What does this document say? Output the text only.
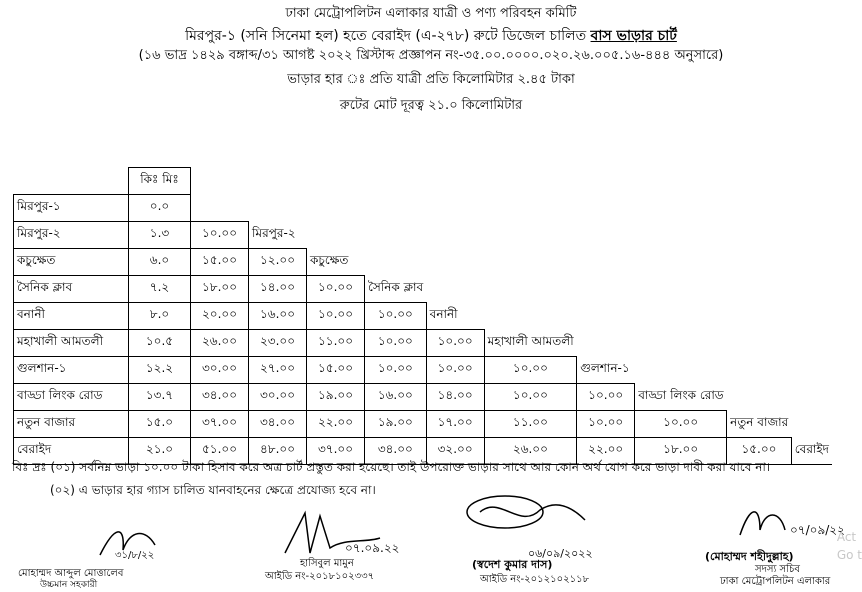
ঢাকা মেট্রোপলিটন এলাকার যাত্রী ও পণ্য পরিবহন কমিটি
মিরপুর-১ (সনি সিনেমা হল) হতে বেরাইদ (এ-২৭৮) রুটে ডিজেল চালিত বাস ভাড়ার চার্ট
(১৬ ভাদ্র ১৪২৯ বঙ্গাব্দ/৩১ আগষ্ট ২০২২ খ্রিস্টাব্দ প্রজ্ঞাপন নং-৩৫.০০.০০০০.০২০.২৬.০০৫.১৬-৪৪৪ অনুসারে)
ভাড়ার হার ঃ প্রতি যাত্রী প্রতি কিলোমিটার ২.৪৫ টাকা
রুটের মোট দূরত্ব ২১.০ কিলোমিটার
	কিঃ মিঃ										
মিরপুর-১	০.০										
মিরপুর-২	১.৩	১০.০০	মিরপুর-২								
কচুক্ষেত	৬.০	১৫.০০	১২.০০	কচুক্ষেত							
সৈনিক ক্লাব	৭.২	১৮.০০	১৪.০০	১০.০০	সৈনিক ক্লাব						
বনানী	৮.০	২০.০০	১৬.০০	১০.০০	১০.০০	বনানী					
মহাখালী আমতলী	১০.৫	২৬.০০	২৩.০০	১১.০০	১০.০০	১০.০০	মহাখালী আমতলী				
গুলশান-১	১২.২	৩০.০০	২৭.০০	১৫.০০	১০.০০	১০.০০	১০.০০	গুলশান-১			
বাড্ডা লিংক রোড	১৩.৭	৩৪.০০	৩০.০০	১৯.০০	১৬.০০	১৪.০০	১০.০০	১০.০০	বাড্ডা লিংক রোড		
নতুন বাজার	১৫.০	৩৭.০০	৩৪.০০	২২.০০	১৯.০০	১৭.০০	১১.০০	১০.০০	১০.০০	নতুন বাজার	
বেরাইদ	২১.০	৫১.০০	৪৮.০০	৩৭.০০	৩৪.০০	৩২.০০	২৬.০০	২২.০০	১৮.০০	১৫.০০	বেরাইদ
বিঃ দ্রঃ (০১) সর্বনিম্ন ভাড়া ১০.০০ টাকা হিসাব করে অত্র চার্ট প্রস্তুত করা হয়েছে। তাই উপরোক্ত ভাড়ার সাথে আর কোন অর্থ যোগ করে ভাড়া দাবী করা যাবে না।
(০২) এ ভাড়ার হার গ্যাস চালিত যানবাহনের ক্ষেত্রে প্রযোজ্য হবে না।
৩১/৮/২২
মোহাম্মদ আব্দুল মোত্তালেব
উচ্চমান সহকারী
০৭.০৯.২২
হাসিবুল মামুন
আইডি নং-২০১৮১০২৩৩৭
০৬/০৯/২০২২
(স্বদেশ কুমার দাস)
আইডি নং-২০১২১০২১১৮
০৭/০৯/২২
(মোহাম্মদ শহীদুল্লাহ)
সদস্য সচিব
ঢাকা মেট্রোপলিটন এলাকার
Act
Go t
